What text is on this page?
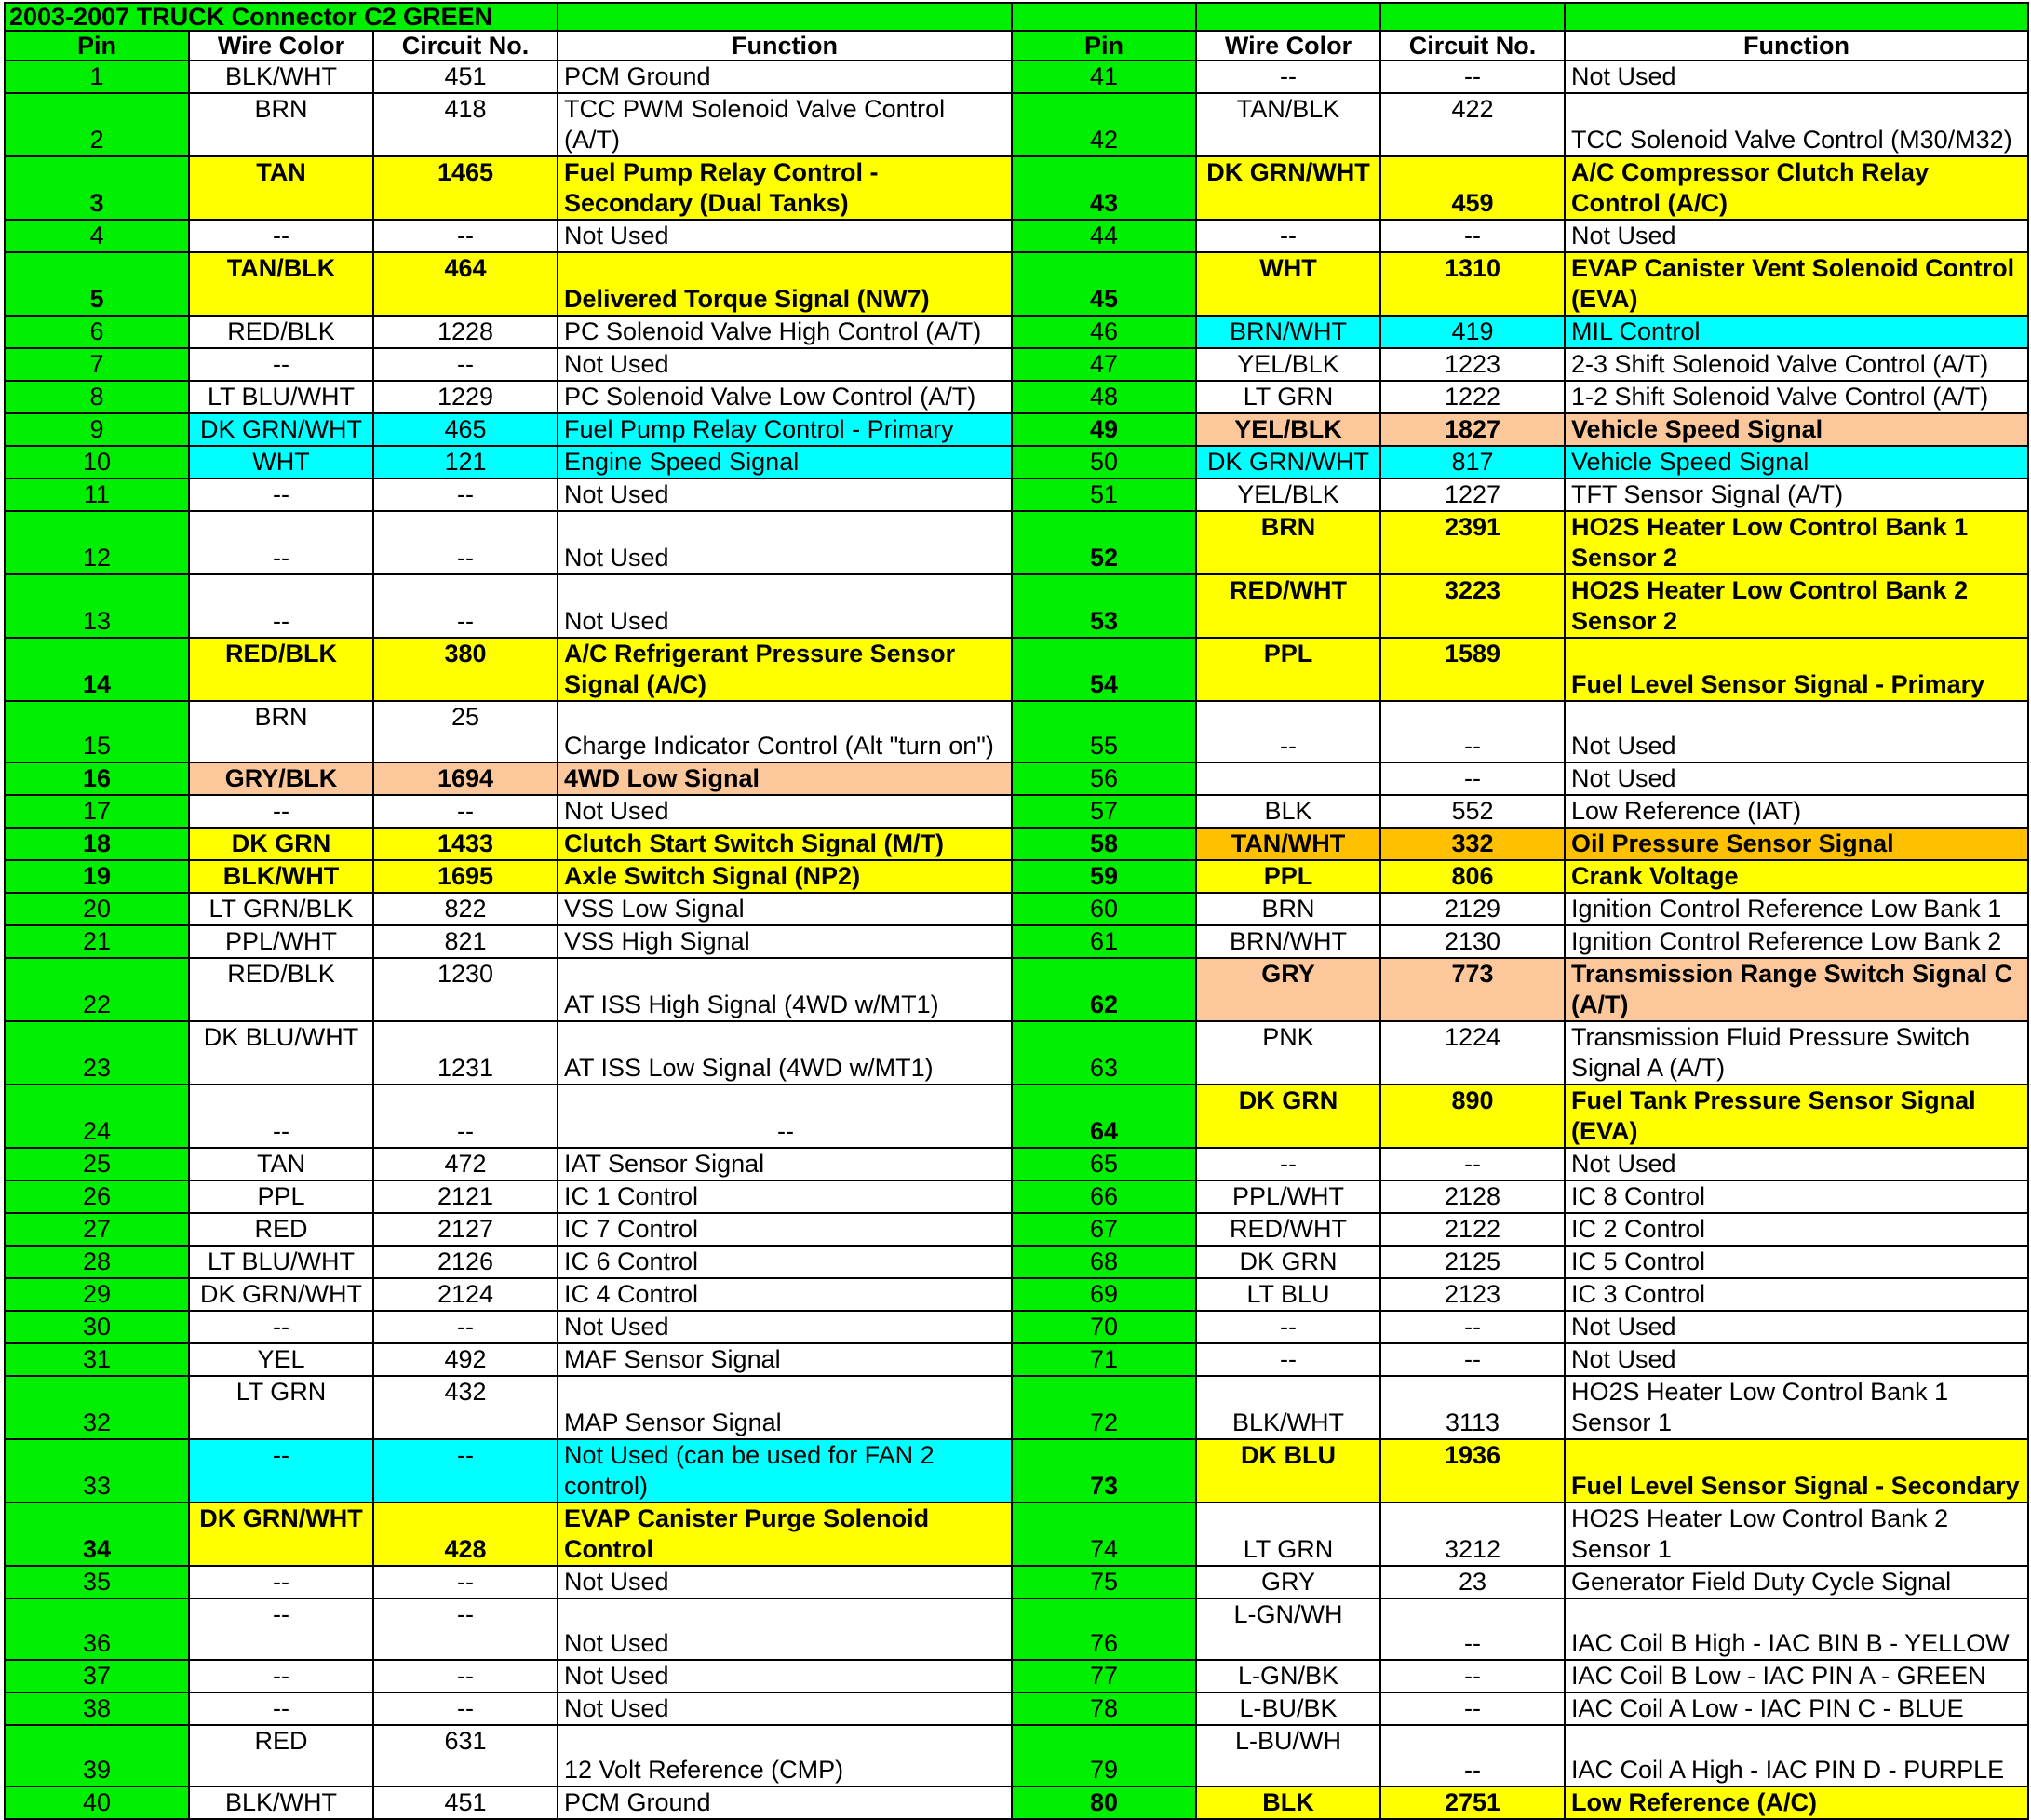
2003-2007 TRUCK Connector C2 GREEN							
Pin	Wire Color	Circuit No.	Function	Pin	Wire Color	Circuit No.	Function
1	BLK/WHT	451	PCM Ground	41	--	--	Not Used
2	BRN	418	TCC PWM Solenoid Valve Control (A/T)	42	TAN/BLK	422	TCC Solenoid Valve Control (M30/M32)
3	TAN	1465	Fuel Pump Relay Control - Secondary (Dual Tanks)	43	DK GRN/WHT	459	A/C Compressor Clutch Relay Control (A/C)
4	--	--	Not Used	44	--	--	Not Used
5	TAN/BLK	464	Delivered Torque Signal (NW7)	45	WHT	1310	EVAP Canister Vent Solenoid Control (EVA)
6	RED/BLK	1228	PC Solenoid Valve High Control (A/T)	46	BRN/WHT	419	MIL Control
7	--	--	Not Used	47	YEL/BLK	1223	2-3 Shift Solenoid Valve Control (A/T)
8	LT BLU/WHT	1229	PC Solenoid Valve Low Control (A/T)	48	LT GRN	1222	1-2 Shift Solenoid Valve Control (A/T)
9	DK GRN/WHT	465	Fuel Pump Relay Control - Primary	49	YEL/BLK	1827	Vehicle Speed Signal
10	WHT	121	Engine Speed Signal	50	DK GRN/WHT	817	Vehicle Speed Signal
11	--	--	Not Used	51	YEL/BLK	1227	TFT Sensor Signal (A/T)
12	--	--	Not Used	52	BRN	2391	HO2S Heater Low Control Bank 1 Sensor 2
13	--	--	Not Used	53	RED/WHT	3223	HO2S Heater Low Control Bank 2 Sensor 2
14	RED/BLK	380	A/C Refrigerant Pressure Sensor Signal (A/C)	54	PPL	1589	Fuel Level Sensor Signal - Primary
15	BRN	25	Charge Indicator Control (Alt "turn on")	55	--	--	Not Used
16	GRY/BLK	1694	4WD Low Signal	56		--	Not Used
17	--	--	Not Used	57	BLK	552	Low Reference (IAT)
18	DK GRN	1433	Clutch Start Switch Signal (M/T)	58	TAN/WHT	332	Oil Pressure Sensor Signal
19	BLK/WHT	1695	Axle Switch Signal (NP2)	59	PPL	806	Crank Voltage
20	LT GRN/BLK	822	VSS Low Signal	60	BRN	2129	Ignition Control Reference Low Bank 1
21	PPL/WHT	821	VSS High Signal	61	BRN/WHT	2130	Ignition Control Reference Low Bank 2
22	RED/BLK	1230	AT ISS High Signal (4WD w/MT1)	62	GRY	773	Transmission Range Switch Signal C (A/T)
23	DK BLU/WHT	1231	AT ISS Low Signal (4WD w/MT1)	63	PNK	1224	Transmission Fluid Pressure Switch Signal A (A/T)
24	--	--	--	64	DK GRN	890	Fuel Tank Pressure Sensor Signal (EVA)
25	TAN	472	IAT Sensor Signal	65	--	--	Not Used
26	PPL	2121	IC 1 Control	66	PPL/WHT	2128	IC 8 Control
27	RED	2127	IC 7 Control	67	RED/WHT	2122	IC 2 Control
28	LT BLU/WHT	2126	IC 6 Control	68	DK GRN	2125	IC 5 Control
29	DK GRN/WHT	2124	IC 4 Control	69	LT BLU	2123	IC 3 Control
30	--	--	Not Used	70	--	--	Not Used
31	YEL	492	MAF Sensor Signal	71	--	--	Not Used
32	LT GRN	432	MAP Sensor Signal	72	BLK/WHT	3113	HO2S Heater Low Control Bank 1 Sensor 1
33	--	--	Not Used (can be used for FAN 2 control)	73	DK BLU	1936	Fuel Level Sensor Signal - Secondary
34	DK GRN/WHT	428	EVAP Canister Purge Solenoid Control	74	LT GRN	3212	HO2S Heater Low Control Bank 2 Sensor 1
35	--	--	Not Used	75	GRY	23	Generator Field Duty Cycle Signal
36	--	--	Not Used	76	L-GN/WH	--	IAC Coil B High - IAC BIN B - YELLOW
37	--	--	Not Used	77	L-GN/BK	--	IAC Coil B Low - IAC PIN A - GREEN
38	--	--	Not Used	78	L-BU/BK	--	IAC Coil A Low - IAC PIN C - BLUE
39	RED	631	12 Volt Reference (CMP)	79	L-BU/WH	--	IAC Coil A High - IAC PIN D - PURPLE
40	BLK/WHT	451	PCM Ground	80	BLK	2751	Low Reference (A/C)
